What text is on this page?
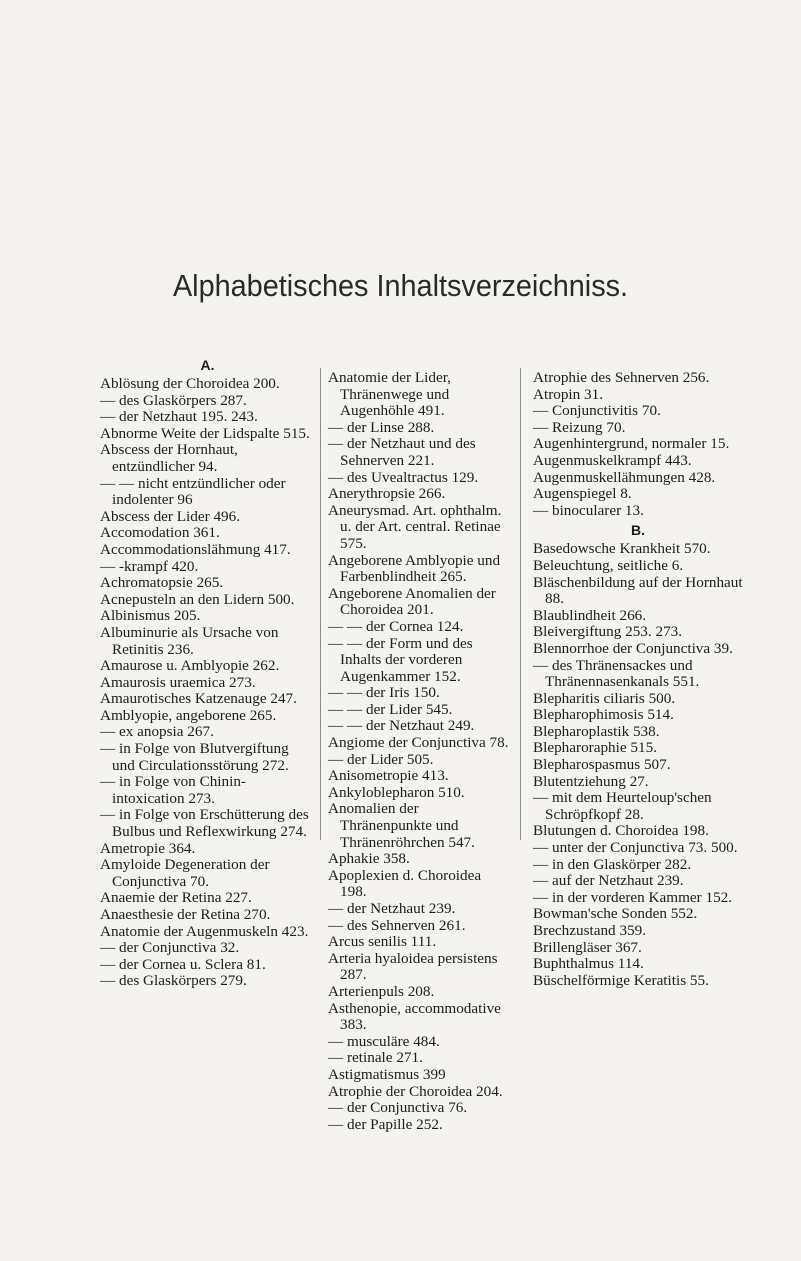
Alphabetisches Inhaltsverzeichniss.

A.

Ablösung der Choroidea 200.

— des Glaskörpers 287.

— der Netzhaut 195. 243.

Abnorme Weite der Lidspalte 515.

Abscess der Hornhaut, entzündlicher 94.

— — nicht entzündlicher oder indolenter 96

Abscess der Lider 496.

Accomodation 361.

Accommodationslähmung 417.

— -krampf 420.

Achromatopsie 265.

Acnepusteln an den Lidern 500.

Albinismus 205.

Albuminurie als Ursache von Retinitis 236.

Amaurose u. Amblyopie 262.

Amaurosis uraemica 273.

Amaurotisches Katzenauge 247.

Amblyopie, angeborene 265.

— ex anopsia 267.

— in Folge von Blutvergiftung und Circulationsstörung 272.

— in Folge von Chinin-intoxication 273.

— in Folge von Erschütterung des Bulbus und Reflexwirkung 274.

Ametropie 364.

Amyloide Degeneration der Conjunctiva 70.

Anaemie der Retina 227.

Anaesthesie der Retina 270.

Anatomie der Augenmuskeln 423.

— der Conjunctiva 32.

— der Cornea u. Sclera 81.

— des Glaskörpers 279.

Anatomie der Lider, Thränenwege und Augenhöhle 491.

— der Linse 288.

— der Netzhaut und des Sehnerven 221.

— des Uvealtractus 129.

Anerythropsie 266.

Aneurysmad. Art. ophthalm. u. der Art. central. Retinae 575.

Angeborene Amblyopie und Farbenblindheit 265.

Angeborene Anomalien der Choroidea 201.

— — der Cornea 124.

— — der Form und des Inhalts der vorderen Augenkammer 152.

— — der Iris 150.

— — der Lider 545.

— — der Netzhaut 249.

Angiome der Conjunctiva 78.

— der Lider 505.

Anisometropie 413.

Ankyloblepharon 510.

Anomalien der Thränenpunkte und Thränenröhrchen 547.

Aphakie 358.

Apoplexien d. Choroidea 198.

— der Netzhaut 239.

— des Sehnerven 261.

Arcus senilis 111.

Arteria hyaloidea persistens 287.

Arterienpuls 208.

Asthenopie, accommodative 383.

— musculäre 484.

— retinale 271.

Astigmatismus 399

Atrophie der Choroidea 204.

— der Conjunctiva 76.

— der Papille 252.

Atrophie des Sehnerven 256.

Atropin 31.

— Conjunctivitis 70.

— Reizung 70.

Augenhintergrund, normaler 15.

Augenmuskelkrampf 443.

Augenmuskellähmungen 428.

Augenspiegel 8.

— binocularer 13.

B.

Basedowsche Krankheit 570.

Beleuchtung, seitliche 6.

Bläschenbildung auf der Hornhaut 88.

Blaublindheit 266.

Bleivergiftung 253. 273.

Blennorrhoe der Conjunctiva 39.

— des Thränensackes und Thränennasenkanals 551.

Blepharitis ciliaris 500.

Blepharophimosis 514.

Blepharoplastik 538.

Blepharoraphie 515.

Blepharospasmus 507.

Blutentziehung 27.

— mit dem Heurteloup'schen Schröpfkopf 28.

Blutungen d. Choroidea 198.

— unter der Conjunctiva 73. 500.

— in den Glaskörper 282.

— auf der Netzhaut 239.

— in der vorderen Kammer 152.

Bowman'sche Sonden 552.

Brechzustand 359.

Brillengläser 367.

Buphthalmus 114.

Büschelförmige Keratitis 55.
